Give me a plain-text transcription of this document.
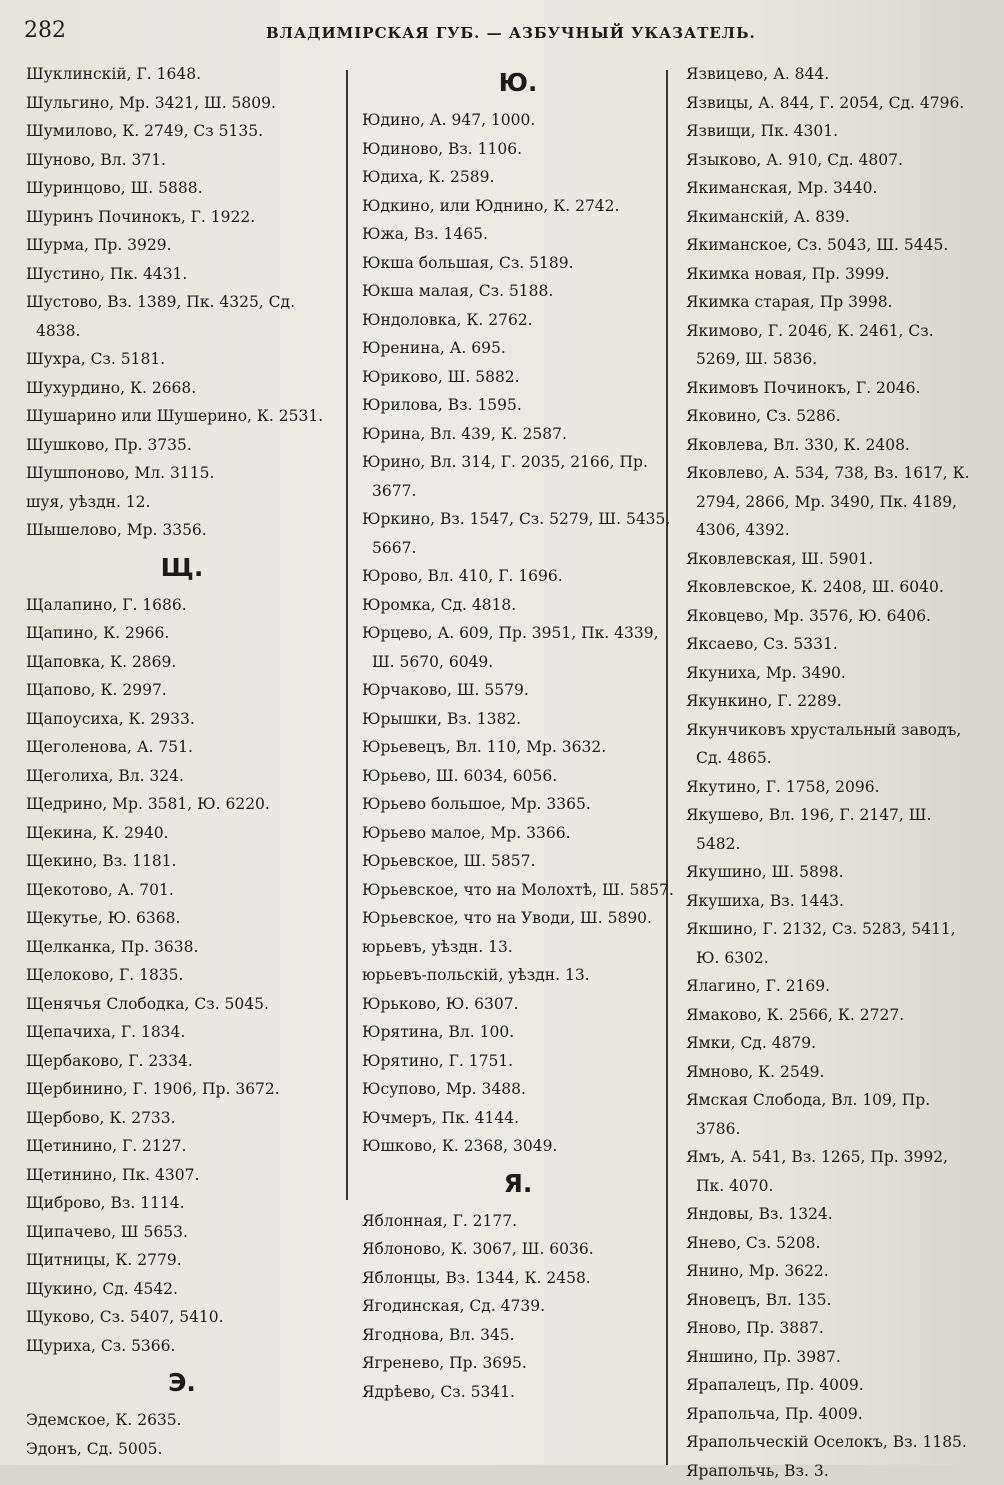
282	ВЛАДИМІРСКАЯ ГУБ. — АЗБУЧНЫЙ УКАЗАТЕЛЬ.
Шуклинскій, Г. 1648.
Шульгино, Мр. 3421, Ш. 5809.
Шумилово, К. 2749, Сз 5135.
Шуново, Вл. 371.
Шуринцово, Ш. 5888.
Шуринъ Починокъ, Г. 1922.
Шурма, Пр. 3929.
Шустино, Пк. 4431.
Шустово, Вз. 1389, Пк. 4325, Сд. 4838.
Шухра, Сз. 5181.
Шухурдино, К. 2668.
Шушарино или Шушерино, К. 2531.
Шушково, Пр. 3735.
Шушпоново, Мл. 3115.
шуя, уѣздн. 12.
Шышелово, Мр. 3356.
Щ.
Щалапино, Г. 1686.
Щапино, К. 2966.
Щаповка, К. 2869.
Щапово, К. 2997.
Щапоусиха, К. 2933.
Щеголенова, А. 751.
Щеголиха, Вл. 324.
Щедрино, Мр. 3581, Ю. 6220.
Щекина, К. 2940.
Щекино, Вз. 1181.
Щекотово, А. 701.
Щекутье, Ю. 6368.
Щелканка, Пр. 3638.
Щелоково, Г. 1835.
Щенячья Слободка, Сз. 5045.
Щепачиха, Г. 1834.
Щербаково, Г. 2334.
Щербинино, Г. 1906, Пр. 3672.
Щербово, К. 2733.
Щетинино, Г. 2127.
Щетинино, Пк. 4307.
Щиброво, Вз. 1114.
Щипачево, Ш 5653.
Щитницы, К. 2779.
Щукино, Сд. 4542.
Щуково, Сз. 5407, 5410.
Щуриха, Сз. 5366.
Э.
Эдемское, К. 2635.
Эдонъ, Сд. 5005.
Ю.
Юдино, А. 947, 1000.
Юдиново, Вз. 1106.
Юдиха, К. 2589.
Юдкино, или Юднино, К. 2742.
Южа, Вз. 1465.
Юкша большая, Сз. 5189.
Юкша малая, Сз. 5188.
Юндоловка, К. 2762.
Юренина, А. 695.
Юриково, Ш. 5882.
Юрилова, Вз. 1595.
Юрина, Вл. 439, К. 2587.
Юрино, Вл. 314, Г. 2035, 2166, Пр. 3677.
Юркино, Вз. 1547, Сз. 5279, Ш. 5435, 5667.
Юрово, Вл. 410, Г. 1696.
Юромка, Сд. 4818.
Юрцево, А. 609, Пр. 3951, Пк. 4339, Ш. 5670, 6049.
Юрчаково, Ш. 5579.
Юрышки, Вз. 1382.
Юрьевецъ, Вл. 110, Мр. 3632.
Юрьево, Ш. 6034, 6056.
Юрьево большое, Мр. 3365.
Юрьево малое, Мр. 3366.
Юрьевское, Ш. 5857.
Юрьевское, что на Молохтѣ, Ш. 5857.
Юрьевское, что на Уводи, Ш. 5890.
юрьевъ, уѣздн. 13.
юрьевъ-польскій, уѣздн. 13.
Юрьково, Ю. 6307.
Юрятина, Вл. 100.
Юрятино, Г. 1751.
Юсупово, Мр. 3488.
Ючмеръ, Пк. 4144.
Юшково, К. 2368, 3049.
Я.
Яблонная, Г. 2177.
Яблоново, К. 3067, Ш. 6036.
Яблонцы, Вз. 1344, К. 2458.
Ягодинская, Сд. 4739.
Ягоднова, Вл. 345.
Ягренево, Пр. 3695.
Ядрѣево, Сз. 5341.
Язвицево, А. 844.
Язвицы, А. 844, Г. 2054, Сд. 4796.
Язвищи, Пк. 4301.
Языково, А. 910, Сд. 4807.
Якиманская, Мр. 3440.
Якиманскій, А. 839.
Якиманское, Сз. 5043, Ш. 5445.
Якимка новая, Пр. 3999.
Якимка старая, Пр 3998.
Якимово, Г. 2046, К. 2461, Сз. 5269, Ш. 5836.
Якимовъ Починокъ, Г. 2046.
Яковино, Сз. 5286.
Яковлева, Вл. 330, К. 2408.
Яковлево, А. 534, 738, Вз. 1617, К. 2794, 2866, Мр. 3490, Пк. 4189, 4306, 4392.
Яковлевская, Ш. 5901.
Яковлевское, К. 2408, Ш. 6040.
Яковцево, Мр. 3576, Ю. 6406.
Яксаево, Сз. 5331.
Якуниха, Мр. 3490.
Якункино, Г. 2289.
Якунчиковъ хрустальный заводъ, Сд. 4865.
Якутино, Г. 1758, 2096.
Якушево, Вл. 196, Г. 2147, Ш. 5482.
Якушино, Ш. 5898.
Якушиха, Вз. 1443.
Якшино, Г. 2132, Сз. 5283, 5411, Ю. 6302.
Ялагино, Г. 2169.
Ямаково, К. 2566, К. 2727.
Ямки, Сд. 4879.
Ямново, К. 2549.
Ямская Слобода, Вл. 109, Пр. 3786.
Ямъ, А. 541, Вз. 1265, Пр. 3992, Пк. 4070.
Яндовы, Вз. 1324.
Янево, Сз. 5208.
Янино, Мр. 3622.
Яновецъ, Вл. 135.
Яново, Пр. 3887.
Яншино, Пр. 3987.
Ярапалецъ, Пр. 4009.
Ярапольча, Пр. 4009.
Ярапольческій Оселокъ, Вз. 1185.
Ярапольчь, Вз. 3.
